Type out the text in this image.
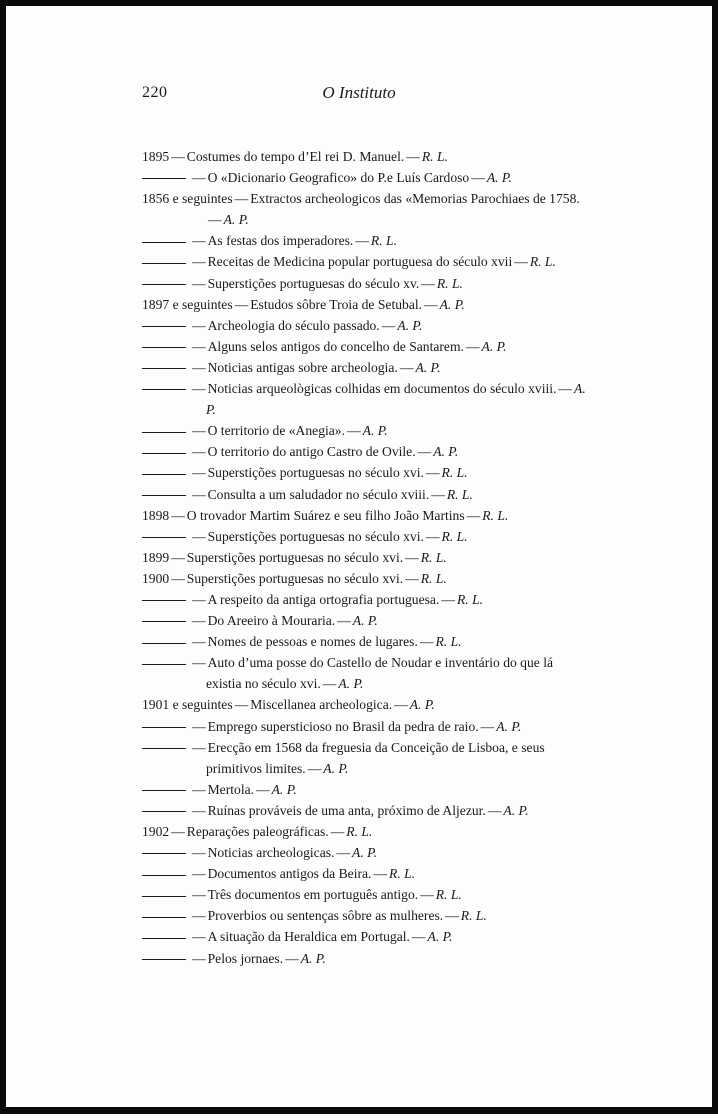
220	O Instituto
1895 — Costumes do tempo d’El rei D. Manuel. — R. L.
— O «Dicionario Geografico» do P.e Luís Cardoso — A. P.
1856 e seguintes — Extractos archeologicos das «Memorias Parochiaes de 1758.— A. P.
— As festas dos imperadores. — R. L.
— Receitas de Medicina popular portuguesa do século xvii — R. L.
— Superstições portuguesas do século xv. — R. L.
1897 e seguintes — Estudos sôbre Troia de Setubal. — A. P.
— Archeologia do século passado. — A. P.
— Alguns selos antigos do concelho de Santarem. — A. P.
— Noticias antigas sobre archeologia. — A. P.
— Noticias arqueològicas colhidas em documentos do século xviii. — A. P.
— O territorio de «Anegia». — A. P.
— O territorio do antigo Castro de Ovile. — A. P.
— Superstições portuguesas no século xvi. — R. L.
— Consulta a um saludador no século xviii. — R. L.
1898 — O trovador Martim Suárez e seu filho João Martins — R. L.
— Superstições portuguesas no século xvi. — R. L.
1899 — Superstições portuguesas no século xvi. — R. L.
1900 — Superstições portuguesas no século xvi. — R. L.
— A respeito da antiga ortografia portuguesa. — R. L.
— Do Areeiro à Mouraria. — A. P.
— Nomes de pessoas e nomes de lugares. — R. L.
— Auto d’uma posse do Castello de Noudar e inventário do que lá existia no século xvi. — A. P.
1901 e seguintes — Miscellanea archeologica. — A. P.
— Emprego supersticioso no Brasil da pedra de raio. — A. P.
— Erecção em 1568 da freguesia da Conceição de Lisboa, e seus primitivos limites. — A. P.
— Mertola. — A. P.
— Ruínas prováveis de uma anta, próximo de Aljezur. — A. P.
1902 — Reparações paleográficas. — R. L.
— Noticias archeologicas. — A. P.
— Documentos antigos da Beira. — R. L.
— Três documentos em português antigo. — R. L.
— Proverbios ou sentenças sôbre as mulheres. — R. L.
— A situação da Heraldica em Portugal. — A. P.
— Pelos jornaes. — A. P.
